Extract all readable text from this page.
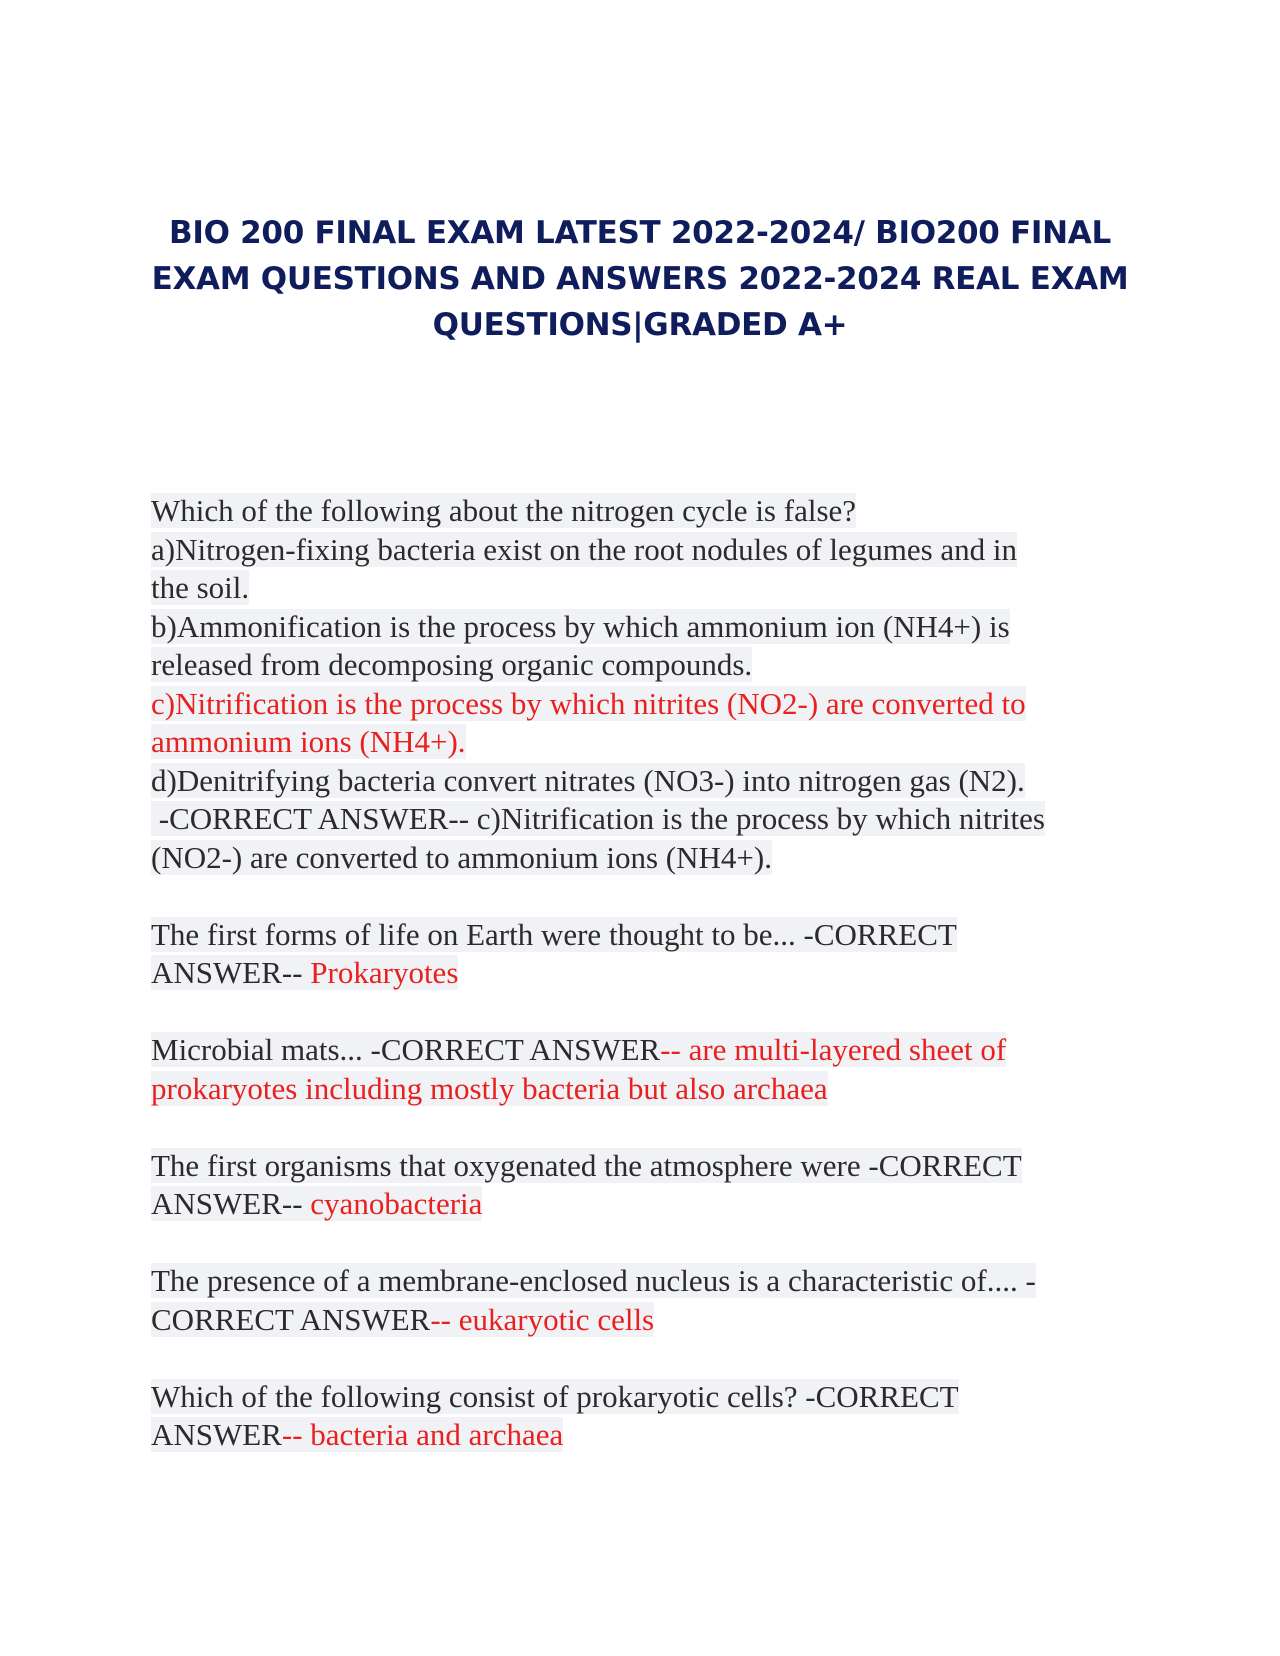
BIO 200 FINAL EXAM LATEST 2022-2024/ BIO200 FINAL
EXAM QUESTIONS AND ANSWERS 2022-2024 REAL EXAM
QUESTIONS|GRADED A+
Which of the following about the nitrogen cycle is false?
a)Nitrogen-fixing bacteria exist on the root nodules of legumes and in
the soil.
b)Ammonification is the process by which ammonium ion (NH4+) is
released from decomposing organic compounds.
c)Nitrification is the process by which nitrites (NO2-) are converted to
ammonium ions (NH4+).
d)Denitrifying bacteria convert nitrates (NO3-) into nitrogen gas (N2).
-CORRECT ANSWER-- c)Nitrification is the process by which nitrites
(NO2-) are converted to ammonium ions (NH4+).
The first forms of life on Earth were thought to be... -CORRECT
ANSWER-- Prokaryotes
Microbial mats... -CORRECT ANSWER-- are multi-layered sheet of
prokaryotes including mostly bacteria but also archaea
The first organisms that oxygenated the atmosphere were -CORRECT
ANSWER-- cyanobacteria
The presence of a membrane-enclosed nucleus is a characteristic of.... -
CORRECT ANSWER-- eukaryotic cells
Which of the following consist of prokaryotic cells? -CORRECT
ANSWER-- bacteria and archaea
